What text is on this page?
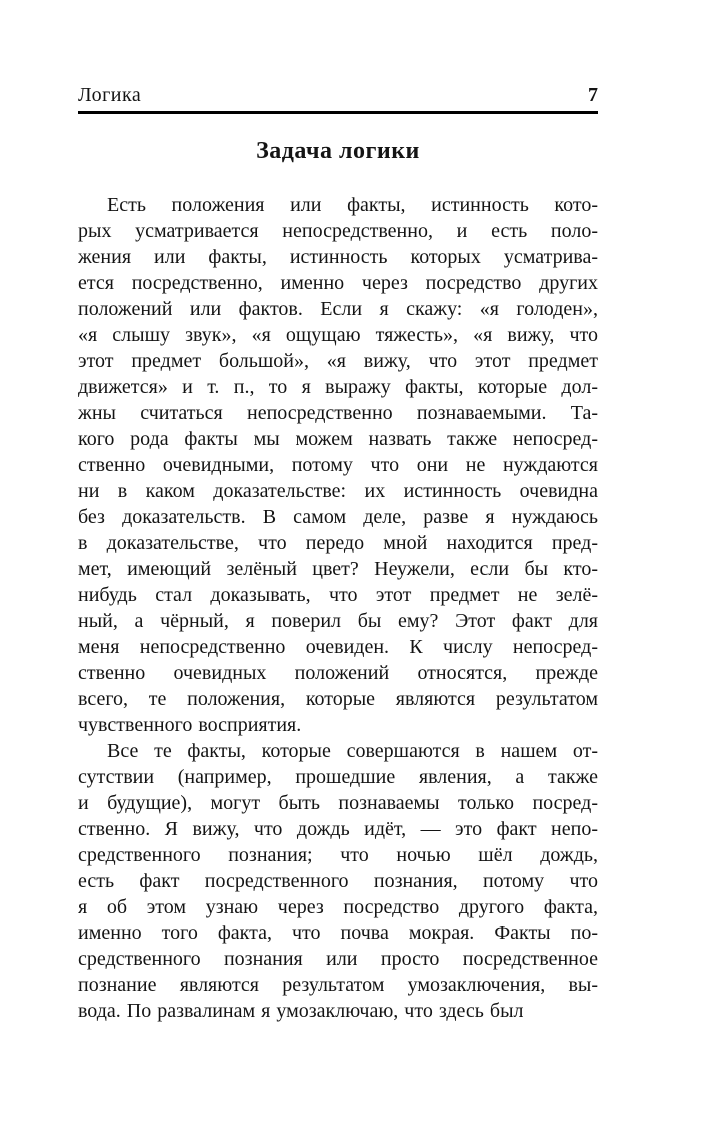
Логика	7
Задача логики
Есть положения или факты, истинность кото-
рых усматривается непосредственно, и есть поло-
жения или факты, истинность которых усматрива-
ется посредственно, именно через посредство других
положений или фактов. Если я скажу: «я голоден»,
«я слышу звук», «я ощущаю тяжесть», «я вижу, что
этот предмет большой», «я вижу, что этот предмет
движется» и т. п., то я выражу факты, которые дол-
жны считаться непосредственно познаваемыми. Та-
кого рода факты мы можем назвать также непосред-
ственно очевидными, потому что они не нуждаются
ни в каком доказательстве: их истинность очевидна
без доказательств. В самом деле, разве я нуждаюсь
в доказательстве, что передо мной находится пред-
мет, имеющий зелёный цвет? Неужели, если бы кто-
нибудь стал доказывать, что этот предмет не зелё-
ный, а чёрный, я поверил бы ему? Этот факт для
меня непосредственно очевиден. К числу непосред-
ственно очевидных положений относятся, прежде
всего, те положения, которые являются результатом
чувственного восприятия.
Все те факты, которые совершаются в нашем от-
сутствии (например, прошедшие явления, а также
и будущие), могут быть познаваемы только посред-
ственно. Я вижу, что дождь идёт, — это факт непо-
средственного познания; что ночью шёл дождь,
есть факт посредственного познания, потому что
я об этом узнаю через посредство другого факта,
именно того факта, что почва мокрая. Факты по-
средственного познания или просто посредственное
познание являются результатом умозаключения, вы-
вода. По развалинам я умозаключаю, что здесь был
